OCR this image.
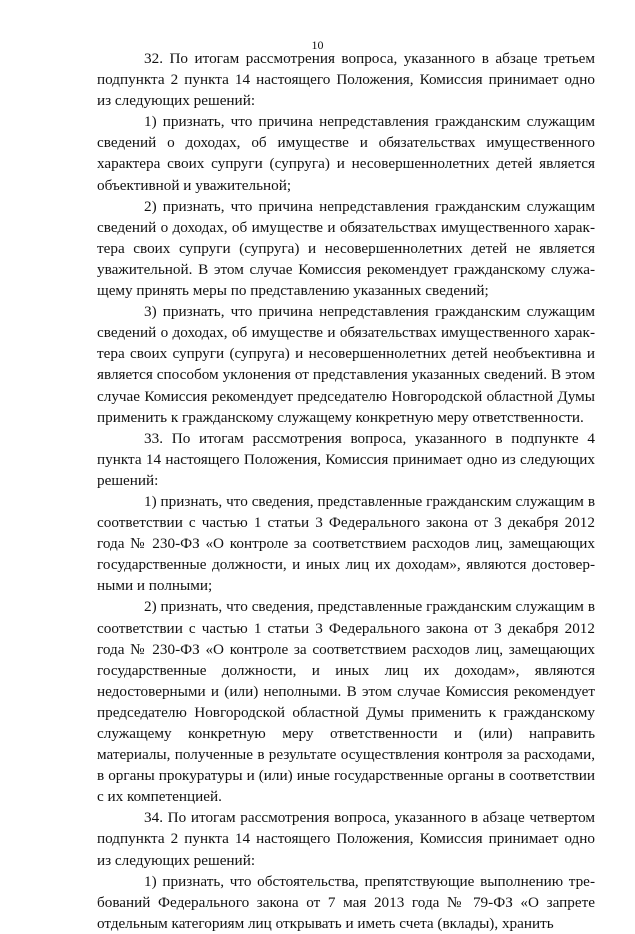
10

32. По итогам рассмотрения вопроса, указанного в абзаце третьем подпункта 2 пункта 14 настоящего Положения, Комиссия принимает одно из следующих решений:

1) признать, что причина непредставления гражданским служащим сведений о доходах, об имуществе и обязательствах имущественного характера своих супруги (супруга) и несовершеннолетних детей является объективной и уважительной;

2) признать, что причина непредставления гражданским служащим сведений о доходах, об имуществе и обязательствах имущественного характера своих супруги (супруга) и несовершеннолетних детей не является уважительной. В этом случае Комиссия рекомендует гражданскому служащему принять меры по представлению указанных сведений;

3) признать, что причина непредставления гражданским служащим сведений о доходах, об имуществе и обязательствах имущественного характера своих супруги (супруга) и несовершеннолетних детей необъективна и является способом уклонения от представления указанных сведений. В этом случае Комиссия рекомендует председателю Новгородской областной Думы применить к гражданскому служащему конкретную меру ответственности.

33. По итогам рассмотрения вопроса, указанного в подпункте 4 пункта 14 настоящего Положения, Комиссия принимает одно из следующих решений:

1) признать, что сведения, представленные гражданским служащим в соответствии с частью 1 статьи 3 Федерального закона от 3 декабря 2012 года № 230-ФЗ «О контроле за соответствием расходов лиц, замещающих государственные должности, и иных лиц их доходам», являются достоверными и полными;

2) признать, что сведения, представленные гражданским служащим в соответствии с частью 1 статьи 3 Федерального закона от 3 декабря 2012 года № 230-ФЗ «О контроле за соответствием расходов лиц, замещающих государственные должности, и иных лиц их доходам», являются недостоверными и (или) неполными. В этом случае Комиссия рекомендует председателю Новгородской областной Думы применить к гражданскому служащему конкретную меру ответственности и (или) направить материалы, полученные в результате осуществления контроля за расходами, в органы прокуратуры и (или) иные государственные органы в соответствии с их компетенцией.

34. По итогам рассмотрения вопроса, указанного в абзаце четвертом подпункта 2 пункта 14 настоящего Положения, Комиссия принимает одно из следующих решений:

1) признать, что обстоятельства, препятствующие выполнению требований Федерального закона от 7 мая 2013 года № 79-ФЗ «О запрете отдельным категориям лиц открывать и иметь счета (вклады), хранить
